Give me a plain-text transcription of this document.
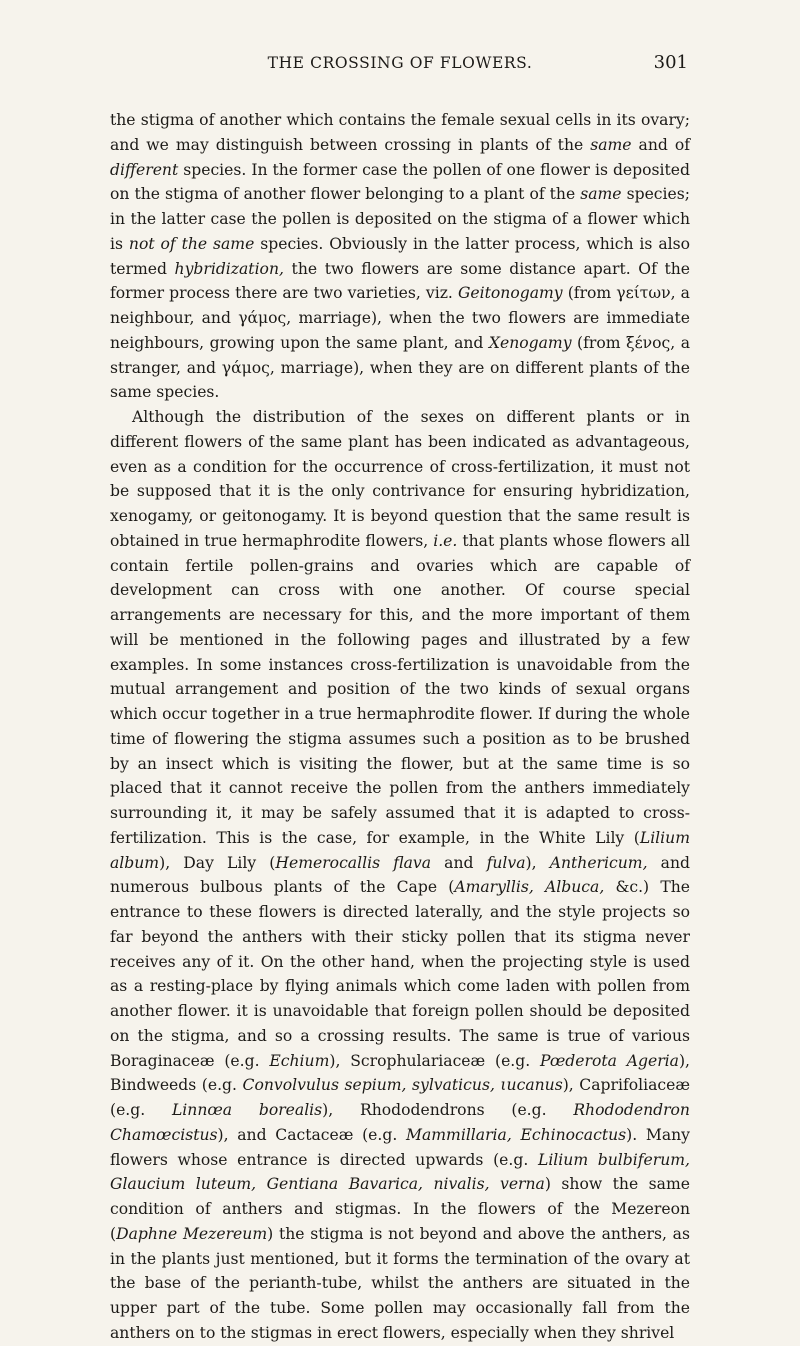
THE CROSSING OF FLOWERS.	301

the stigma of another which contains the female sexual cells in its ovary; and we may distinguish between crossing in plants of the same and of different species. In the former case the pollen of one flower is deposited on the stigma of another flower belonging to a plant of the same species; in the latter case the pollen is deposited on the stigma of a flower which is not of the same species. Obviously in the latter process, which is also termed hybridization, the two flowers are some distance apart. Of the former process there are two varieties, viz. Geitonogamy (from γείτων, a neighbour, and γάμος, marriage), when the two flowers are immediate neighbours, growing upon the same plant, and Xenogamy (from ξένος, a stranger, and γάμος, marriage), when they are on different plants of the same species.

Although the distribution of the sexes on different plants or in different flowers of the same plant has been indicated as advantageous, even as a condition for the occurrence of cross-fertilization, it must not be supposed that it is the only contrivance for ensuring hybridization, xenogamy, or geitonogamy. It is beyond question that the same result is obtained in true hermaphrodite flowers, i.e. that plants whose flowers all contain fertile pollen-grains and ovaries which are capable of development can cross with one another. Of course special arrangements are necessary for this, and the more important of them will be mentioned in the following pages and illustrated by a few examples. In some instances cross-fertilization is unavoidable from the mutual arrangement and position of the two kinds of sexual organs which occur together in a true hermaphrodite flower. If during the whole time of flowering the stigma assumes such a position as to be brushed by an insect which is visiting the flower, but at the same time is so placed that it cannot receive the pollen from the anthers immediately surrounding it, it may be safely assumed that it is adapted to cross-fertilization. This is the case, for example, in the White Lily (Lilium album), Day Lily (Hemerocallis flava and fulva), Anthericum, and numerous bulbous plants of the Cape (Amaryllis, Albuca, &c.) The entrance to these flowers is directed laterally, and the style projects so far beyond the anthers with their sticky pollen that its stigma never receives any of it. On the other hand, when the projecting style is used as a resting-place by flying animals which come laden with pollen from another flower. it is unavoidable that foreign pollen should be deposited on the stigma, and so a crossing results. The same is true of various Boraginaceæ (e.g. Echium), Scrophulariaceæ (e.g. Pœderota Ageria), Bindweeds (e.g. Convolvulus sepium, sylvaticus, ιucanus), Caprifoliaceæ (e.g. Linnœa borealis), Rhododendrons (e.g. Rhododendron Chamœcistus), and Cactaceæ (e.g. Mammillaria, Echinocactus). Many flowers whose entrance is directed upwards (e.g. Lilium bulbiferum, Glaucium luteum, Gentiana Bavarica, nivalis, verna) show the same condition of anthers and stigmas. In the flowers of the Mezereon (Daphne Mezereum) the stigma is not beyond and above the anthers, as in the plants just mentioned, but it forms the termination of the ovary at the base of the perianth-tube, whilst the anthers are situated in the upper part of the tube. Some pollen may occasionally fall from the anthers on to the stigmas in erect flowers, especially when they shrivel
